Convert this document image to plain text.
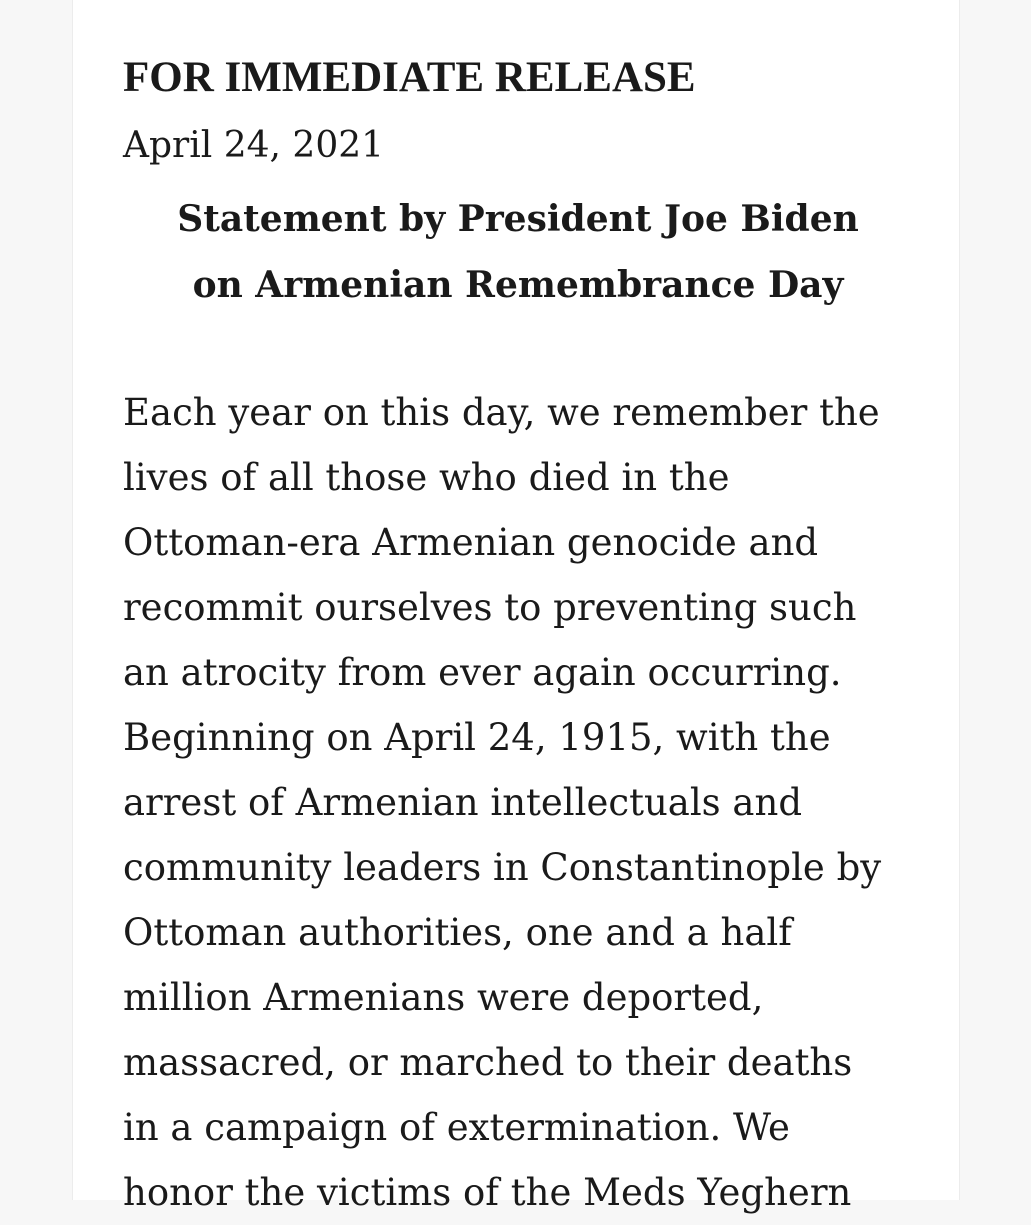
FOR IMMEDIATE RELEASE
April 24, 2021
Statement by President Joe Biden
on Armenian Remembrance Day
Each year on this day, we remember the
lives of all those who died in the
Ottoman-era Armenian genocide and
recommit ourselves to preventing such
an atrocity from ever again occurring.
Beginning on April 24, 1915, with the
arrest of Armenian intellectuals and
community leaders in Constantinople by
Ottoman authorities, one and a half
million Armenians were deported,
massacred, or marched to their deaths
in a campaign of extermination. We
honor the victims of the Meds Yeghern
